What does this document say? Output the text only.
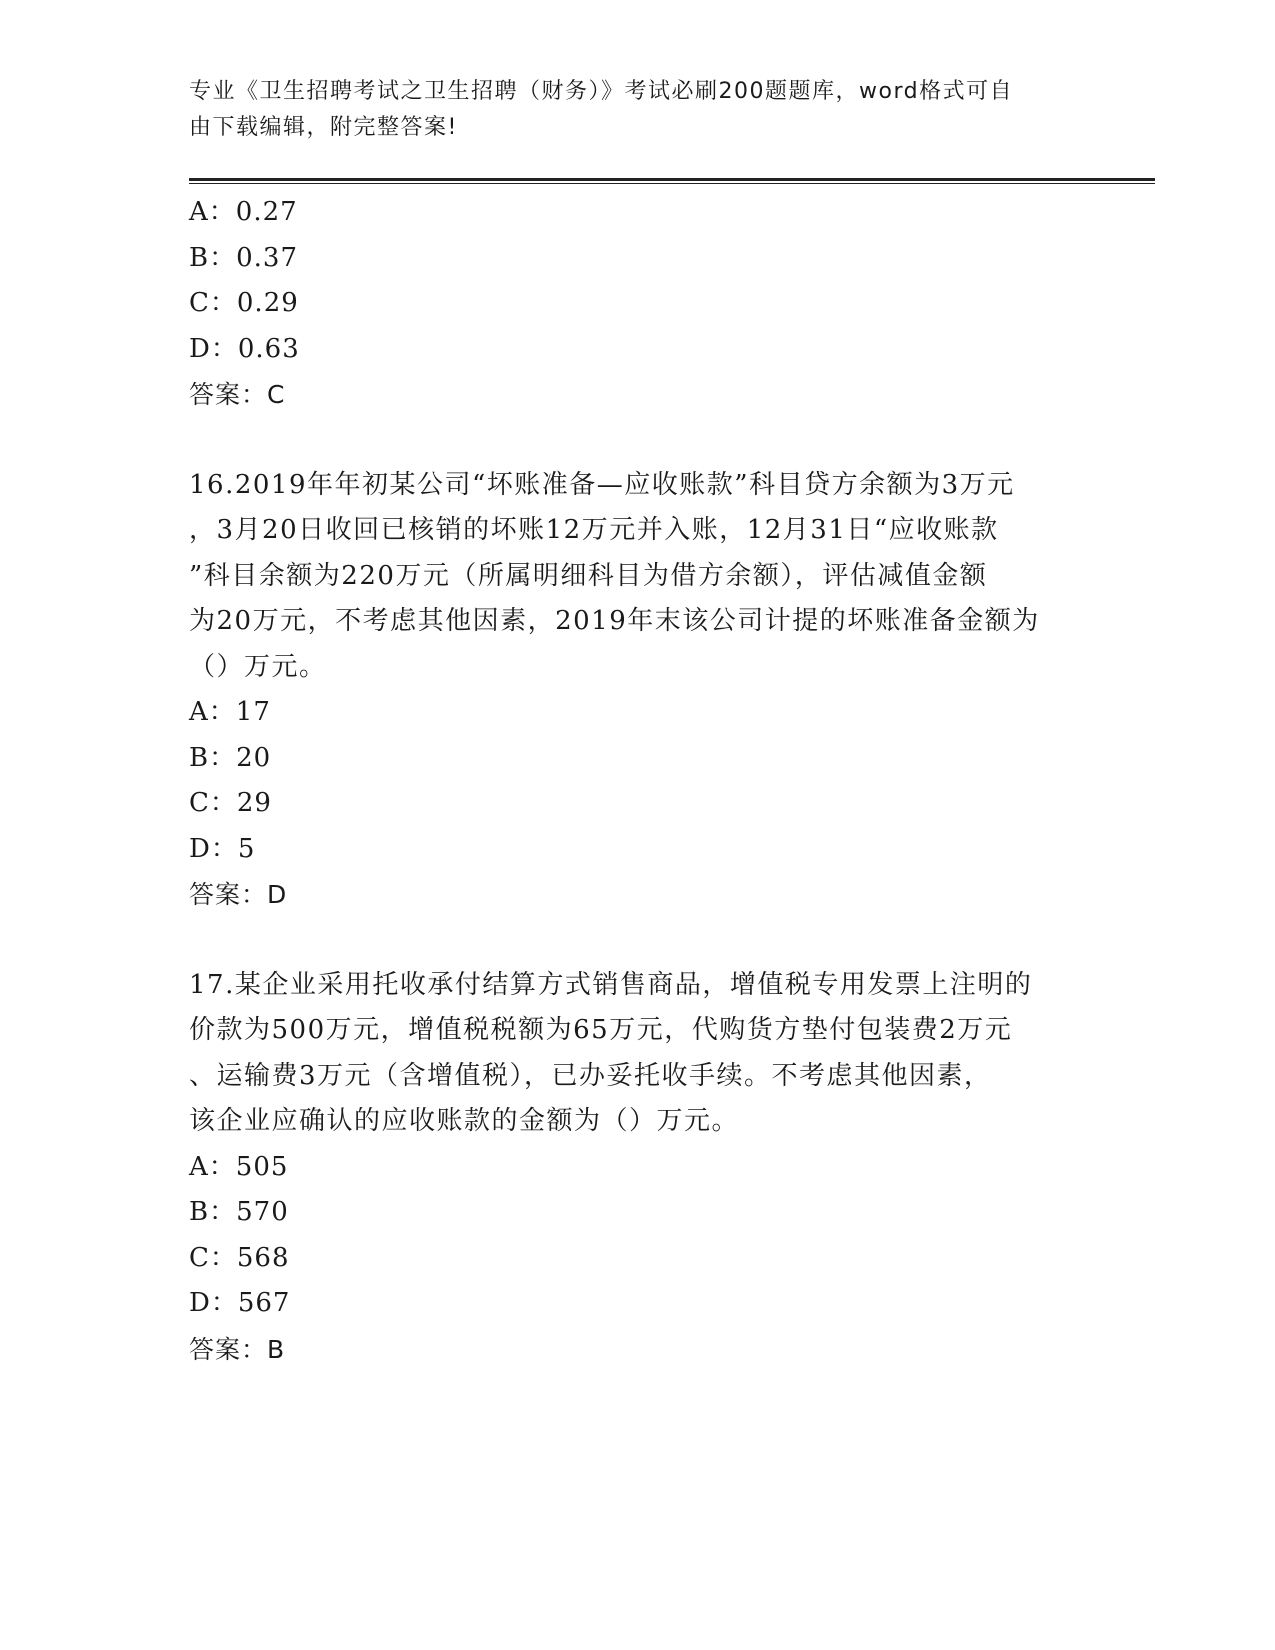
专业《卫生招聘考试之卫生招聘（财务）》考试必刷200题题库，word格式可自
由下载编辑，附完整答案!
A：0.27
B：0.37
C：0.29
D：0.63
答案：C
16.2019年年初某公司“坏账准备—应收账款”科目贷方余额为3万元
，3月20日收回已核销的坏账12万元并入账，12月31日“应收账款
”科目余额为220万元（所属明细科目为借方余额），评估减值金额
为20万元，不考虑其他因素，2019年末该公司计提的坏账准备金额为
（）万元。
A：17
B：20
C：29
D：5
答案：D
17.某企业采用托收承付结算方式销售商品，增值税专用发票上注明的
价款为500万元，增值税税额为65万元，代购货方垫付包装费2万元
、运输费3万元（含增值税），已办妥托收手续。不考虑其他因素，
该企业应确认的应收账款的金额为（）万元。
A：505
B：570
C：568
D：567
答案：B
